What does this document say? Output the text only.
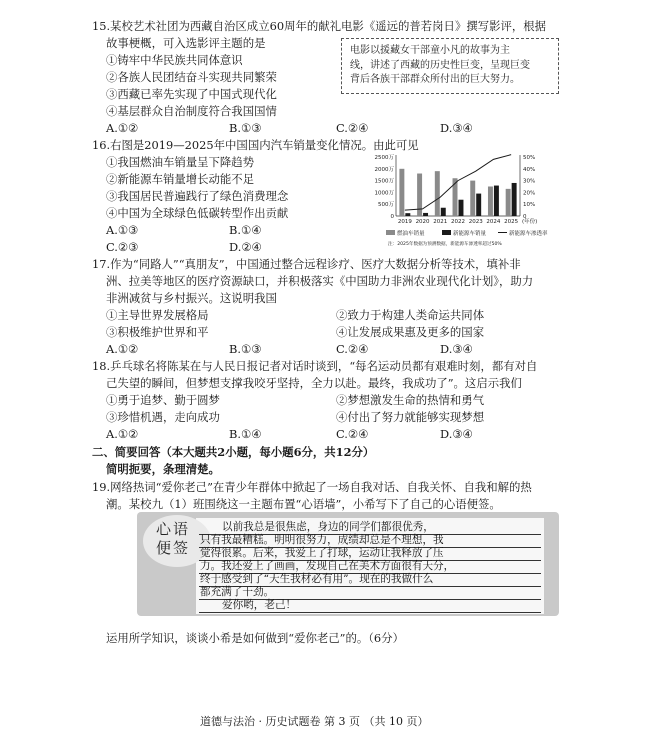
15.某校艺术社团为西藏自治区成立60周年的献礼电影《遥远的普若岗日》撰写影评，根据
故事梗概，可入选影评主题的是
电影以援藏女干部童小凡的故事为主
线，讲述了西藏的历史性巨变，呈现巨变
背后各族干部群众所付出的巨大努力。
①铸牢中华民族共同体意识
②各族人民团结奋斗实现共同繁荣
③西藏已率先实现了中国式现代化
④基层群众自治制度符合我国国情
A.①②	B.①③	C.②④	D.③④
16.右图是2019—2025年中国国内汽车销量变化情况。由此可见
①我国燃油车销量呈下降趋势
②新能源车销量增长动能不足
③我国居民普遍践行了绿色消费理念
④中国为全球绿色低碳转型作出贡献
A.①③	B.①④
C.②③	D.②④
0
500万
1000万
1500万
2000万
2500万
0
10%
20%
30%
40%
50%
2019 2020 2021 2022 2023 2024 2025 (年份)
燃油车销量	新能源车销量	新能源车渗透率
注：2025年数据为预测数据，新能源车渗透率超过50%
17.作为“同路人”“真朋友”，中国通过整合远程诊疗、医疗大数据分析等技术，填补非
洲、拉美等地区的医疗资源缺口，并积极落实《中国助力非洲农业现代化计划》，助力
非洲减贫与乡村振兴。这说明我国
①主导世界发展格局	②致力于构建人类命运共同体
③积极维护世界和平	④让发展成果惠及更多的国家
A.①②	B.①③	C.②④	D.③④
18.乒乓球名将陈某在与人民日报记者对话时谈到，“每名运动员都有艰难时刻，都有对自
己失望的瞬间，但梦想支撑我咬牙坚持，全力以赴。最终，我成功了”。这启示我们
①勇于追梦、勤于圆梦	②梦想激发生命的热情和勇气
③珍惜机遇，走向成功	④付出了努力就能够实现梦想
A.①②	B.①④	C.②④	D.③④
二、简要回答（本大题共2小题，每小题6分，共12分）
简明扼要，条理清楚。
19.网络热词“爱你老己”在青少年群体中掀起了一场自我对话、自我关怀、自我和解的热
潮。某校九（1）班围绕这一主题布置“心语墙”，小希写下了自己的心语便签。
心语
便签
以前我总是很焦虑，身边的同学们都很优秀，
只有我最糟糕。明明很努力，成绩却总是不理想，我
觉得很累。后来，我爱上了打球，运动让我释放了压
力。我还爱上了画画，发现自己在美术方面很有天分，
终于感受到了“天生我材必有用”。现在的我做什么
都充满了干劲。
爱你哟，老己！
运用所学知识，谈谈小希是如何做到“爱你老己”的。（6分）
道德与法治 · 历史试题卷 第 3 页 （共 10 页）
